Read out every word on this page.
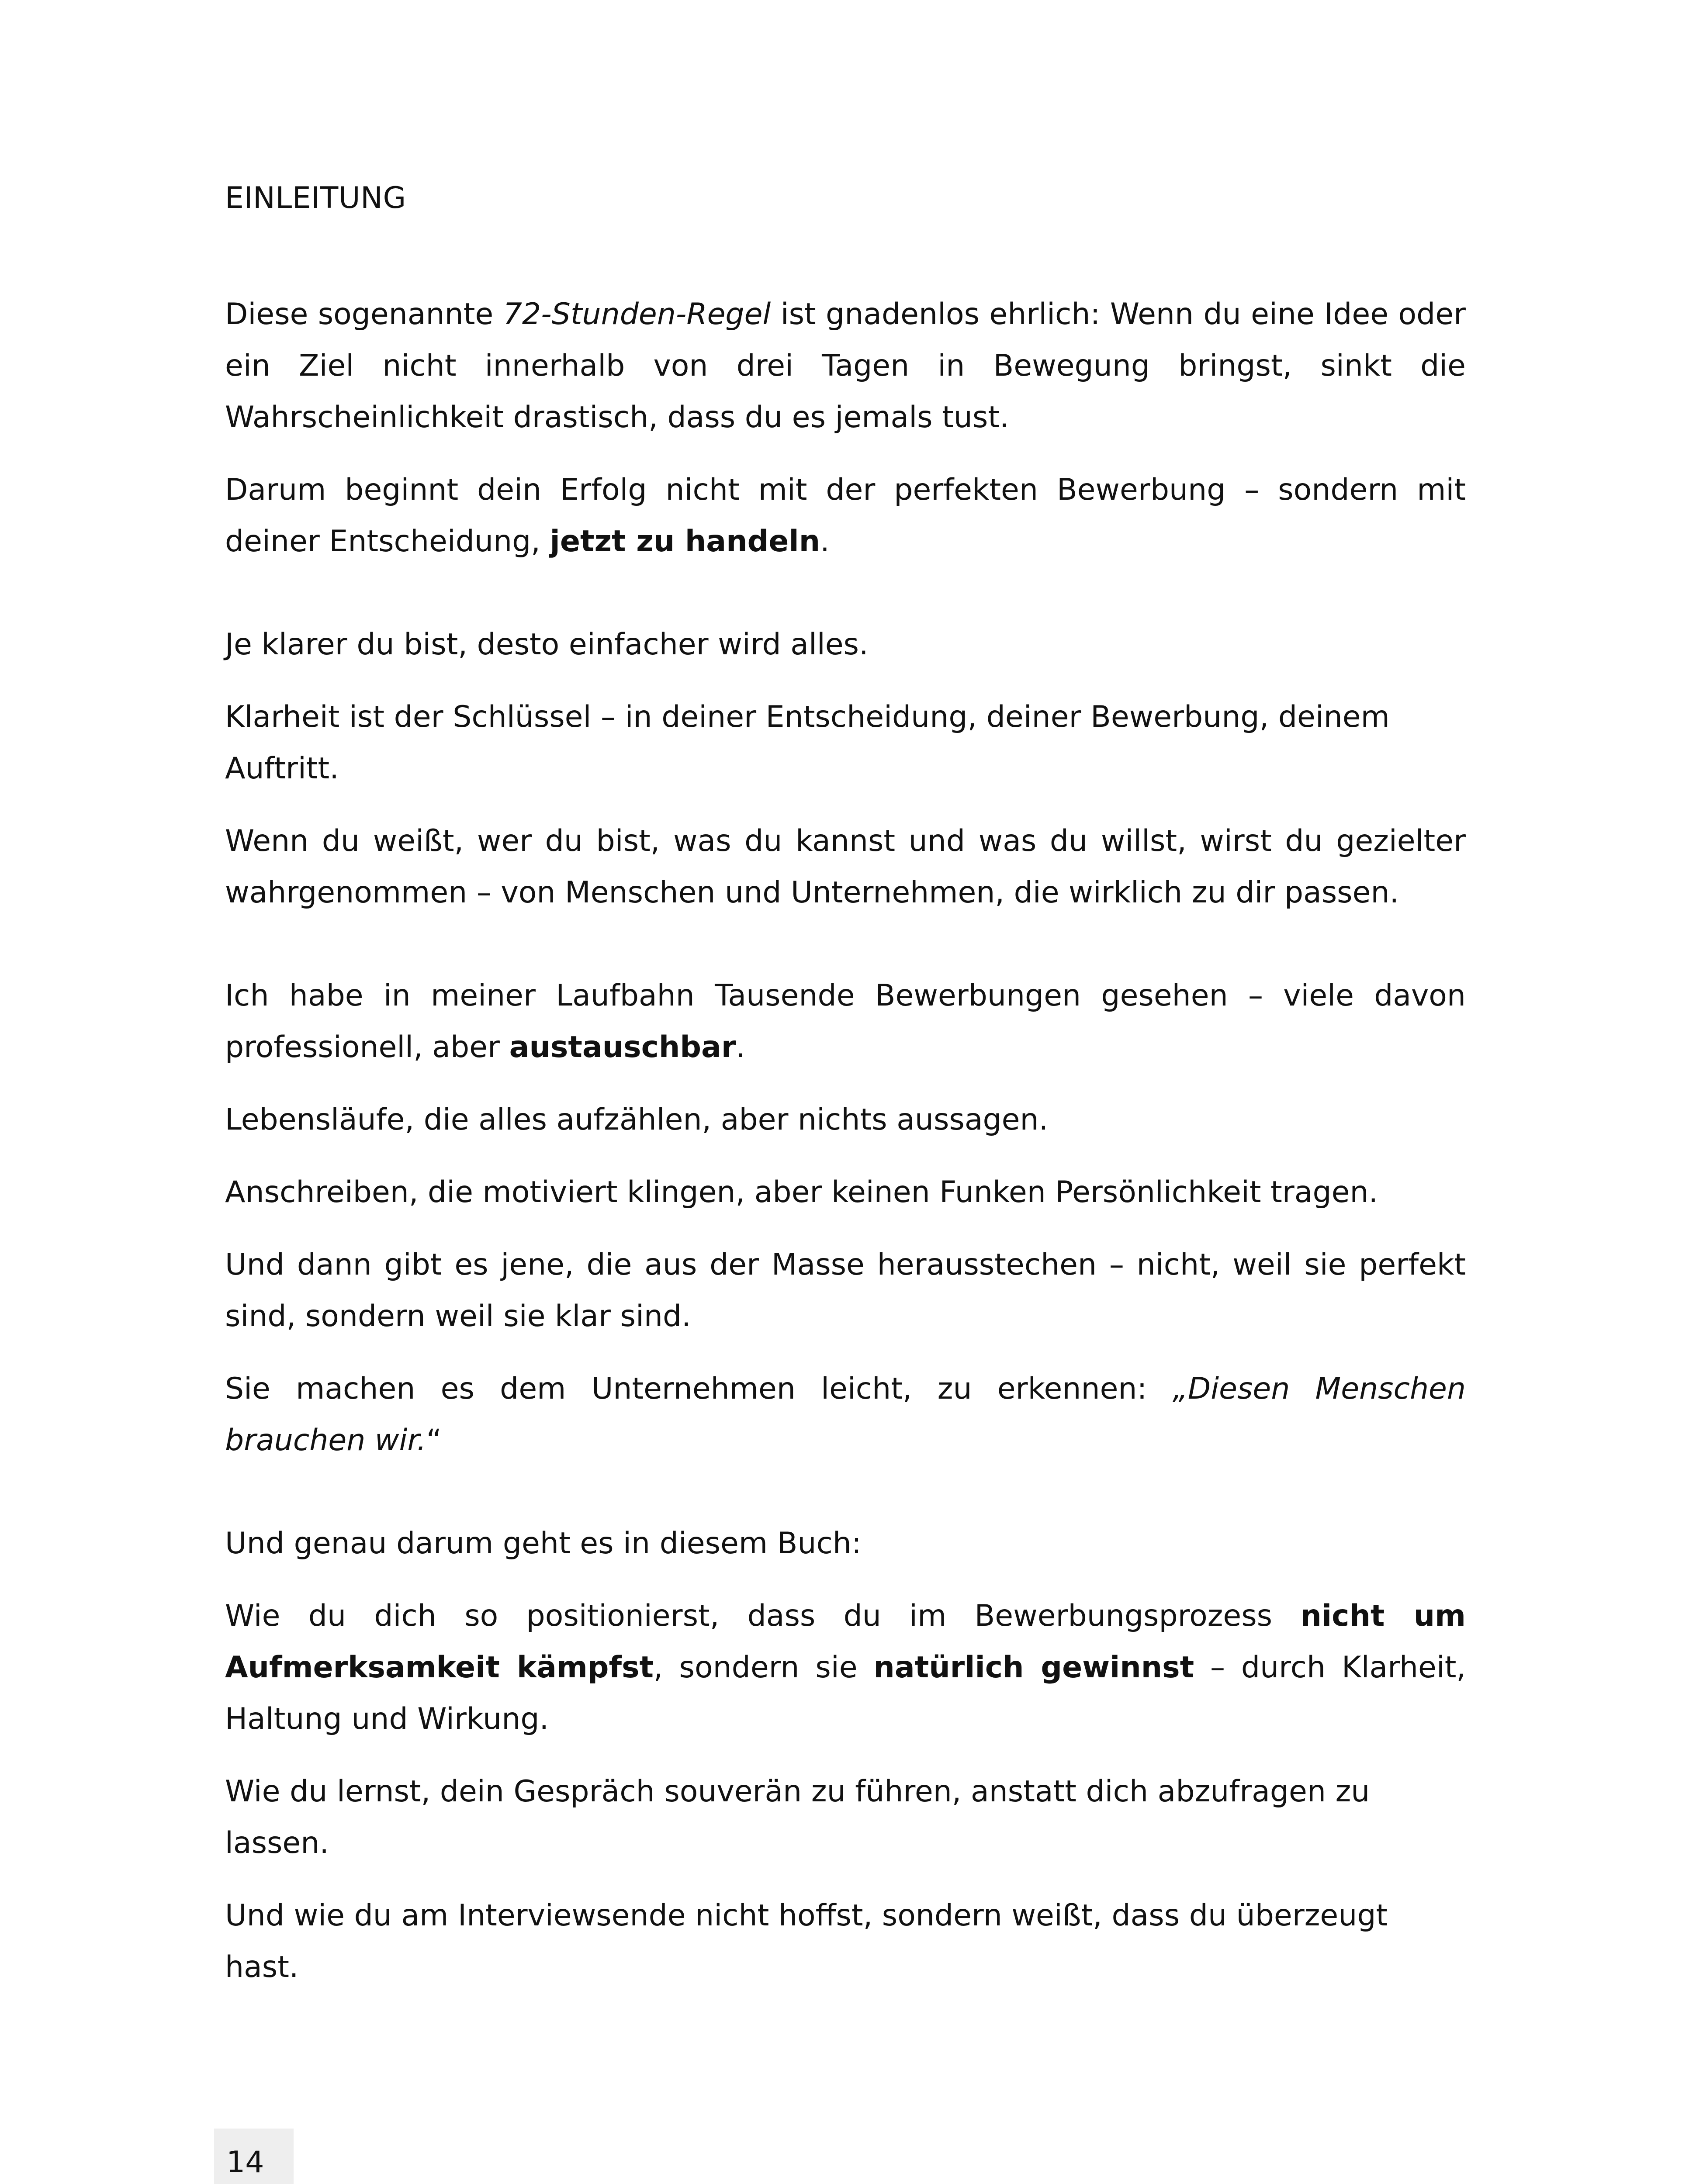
EINLEITUNG

Diese sogenannte 72-Stunden-Regel ist gnadenlos ehrlich: Wenn du eine Idee oder ein Ziel nicht innerhalb von drei Tagen in Bewegung bringst, sinkt die Wahrscheinlichkeit drastisch, dass du es jemals tust.

Darum beginnt dein Erfolg nicht mit der perfekten Bewerbung – sondern mit deiner Entscheidung, jetzt zu handeln.

Je klarer du bist, desto einfacher wird alles.

Klarheit ist der Schlüssel – in deiner Entscheidung, deiner Bewerbung, deinem Auftritt.

Wenn du weißt, wer du bist, was du kannst und was du willst, wirst du gezielter wahrgenommen – von Menschen und Unternehmen, die wirklich zu dir passen.

Ich habe in meiner Laufbahn Tausende Bewerbungen gesehen – viele davon professionell, aber austauschbar.

Lebensläufe, die alles aufzählen, aber nichts aussagen.

Anschreiben, die motiviert klingen, aber keinen Funken Persönlichkeit tragen.

Und dann gibt es jene, die aus der Masse herausstechen – nicht, weil sie perfekt sind, sondern weil sie klar sind.

Sie machen es dem Unternehmen leicht, zu erkennen: „Diesen Menschen brauchen wir.“

Und genau darum geht es in diesem Buch:

Wie du dich so positionierst, dass du im Bewerbungsprozess nicht um Aufmerksamkeit kämpfst, sondern sie natürlich gewinnst – durch Klarheit, Haltung und Wirkung.

Wie du lernst, dein Gespräch souverän zu führen, anstatt dich abzufragen zu lassen.

Und wie du am Interviewsende nicht hoffst, sondern weißt, dass du überzeugt hast.

14
